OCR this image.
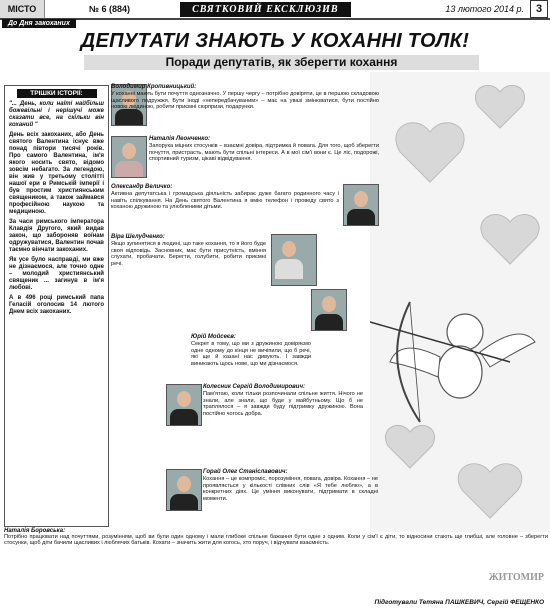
МІСТО	№ 6 (884)	СВЯТКОВИЙ ЕКСКЛЮЗИВ	13 лютого 2014 р.	3
До Дня закоханих
ДЕПУТАТИ ЗНАЮТЬ У КОХАННІ ТОЛК!
Поради депутатів, як зберегти кохання
ТРІШКИ ІСТОРІЇ:

"... День, коли наїті найбільш божевільні і нерішучі може сказати все, на скільки він коханий "

День всіх закоханих, або День святого Валентина існує вже понад півтори тисячі років. Про самого Валентина, ім'я якого носить свято, відомо зовсім небагато. За легендою, він жив у третьому столітті нашої ери в Римській імперії і був простим християнським священиком, а також займався професійною наукою та медициною.

За часи римського імператора Клавдія Другого, який видав закон, що забороняв воїнам одружуватися, Валентин почав таємно вінчати закоханих.

Як усе було насправді, ми вже не дізнаємося, але точно одне – молодий християнський священик ... загинув в ім'я любові.

А в 496 році римський папа Геласій оголосив 14 лютого Днем всіх закоханих.

Володимир Кропивницький:
У коханні мають бути почуття однозначно. У першу чергу – потрібно довіряти, це в першою складовою щасливого подружжя. Бути іноді «непередбачуваним» – має на увазі змінюватися, бути постійно новою людиною, робити приємні сюрпризи, подарунки.
Наталія Леонченко:
Запорука міцних стосунків – взаємні довіра, підтримка й повага. Для того, щоб зберегти почуття, пристрасть, мають бути спільні інтереси. А в мої сім'ї вони є. Це ліс, подорожі, спортивний туризм, цікаві відвідування.
Олександр Величко:
Активна депутатська і громадська діяльність забирає дуже багато родинного часу і навіть спілкування. На День святого Валентина я вмію телефон і проведу свято з коханою дружиною та улюбленими дітьми.
Віра Шелудченко:
Якщо зупинятися в людині, що таке кохання, то я його буде своя відповідь. Засновник, має бути присутність, вміння слухати, пробачати. Берегти, голубити, робити приємні речі.
Юрій Мойсеєв:
Секрет в тому, що ми з дружиною довіряємо одне одному до кінця не вичіпили, що б речі, які ще й казані нас дивують. І завжди виникають щось нове, що ми дізнаємося.
Колесник Сергій Володимирович:
Пам'ятаю, коли тільки розпочинали спільне життя. Нічого не знали, але знали, що буде у майбутньому. Що б не траплялося – я завжди буду підтримку дружиною. Вона постійно чогось добра.
Горай Олег Станіславович:
Кохання – це компроміс, порозуміння, повага, довіра. Кохання – не проявляється у кількості слівних слів «Я тебе люблю», а в конкретних діях. Це уміння виконувати, підтримати в складні моменти.
Наталія Боровська:
Потрібно працювати над почуттями, розумінням, щоб ви були один одному і мали глибоке спільне бажання бути одне з одним. Коли у сім'ї є діти, то відносини стають ще глибші, але головне – зберегти стосунки, щоб діти бачили щасливих і люблячих батьків. Кохати – значить жити для когось, хто поруч, і відчувати взаємність.
ЖИТОМИР
Підготували Тетяна ПАШКЕВИЧ, Сергій ФЕЩЕНКО
